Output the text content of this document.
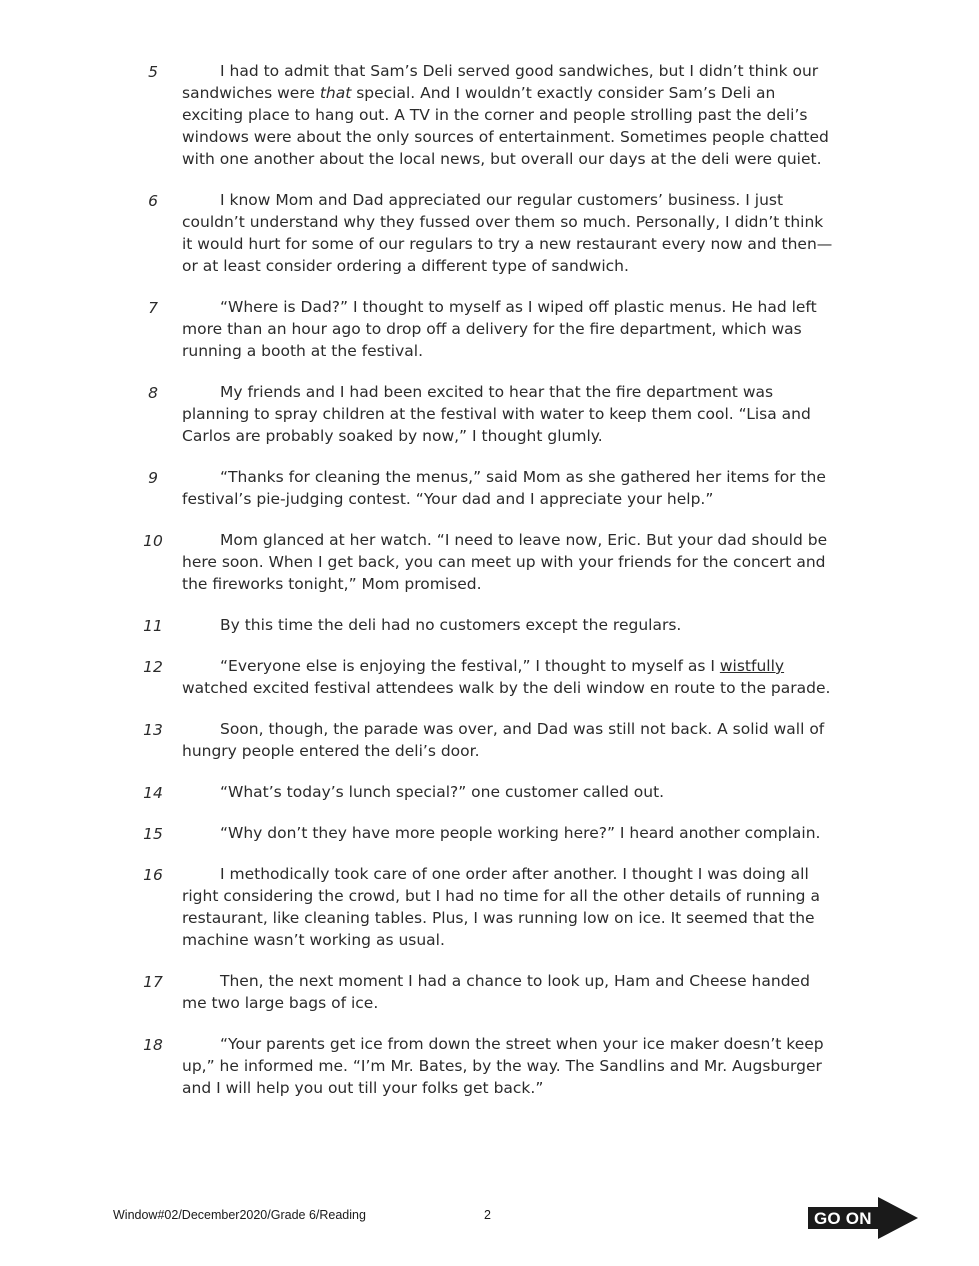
5	I had to admit that Sam’s Deli served good sandwiches, but I didn’t think our sandwiches were that special. And I wouldn’t exactly consider Sam’s Deli an exciting place to hang out. A TV in the corner and people strolling past the deli’s windows were about the only sources of entertainment. Sometimes people chatted with one another about the local news, but overall our days at the deli were quiet.
6	I know Mom and Dad appreciated our regular customers’ business. I just couldn’t understand why they fussed over them so much. Personally, I didn’t think it would hurt for some of our regulars to try a new restaurant every now and then—or at least consider ordering a different type of sandwich.
7	“Where is Dad?” I thought to myself as I wiped off plastic menus. He had left more than an hour ago to drop off a delivery for the fire department, which was running a booth at the festival.
8	My friends and I had been excited to hear that the fire department was planning to spray children at the festival with water to keep them cool. “Lisa and Carlos are probably soaked by now,” I thought glumly.
9	“Thanks for cleaning the menus,” said Mom as she gathered her items for the festival’s pie-judging contest. “Your dad and I appreciate your help.”
10	Mom glanced at her watch. “I need to leave now, Eric. But your dad should be here soon. When I get back, you can meet up with your friends for the concert and the fireworks tonight,” Mom promised.
11	By this time the deli had no customers except the regulars.
12	“Everyone else is enjoying the festival,” I thought to myself as I wistfully watched excited festival attendees walk by the deli window en route to the parade.
13	Soon, though, the parade was over, and Dad was still not back. A solid wall of hungry people entered the deli’s door.
14	“What’s today’s lunch special?” one customer called out.
15	“Why don’t they have more people working here?” I heard another complain.
16	I methodically took care of one order after another. I thought I was doing all right considering the crowd, but I had no time for all the other details of running a restaurant, like cleaning tables. Plus, I was running low on ice. It seemed that the machine wasn’t working as usual.
17	Then, the next moment I had a chance to look up, Ham and Cheese handed me two large bags of ice.
18	“Your parents get ice from down the street when your ice maker doesn’t keep up,” he informed me. “I’m Mr. Bates, by the way. The Sandlins and Mr. Augsburger and I will help you out till your folks get back.”
Window#02/December2020/Grade 6/Reading	2	GO ON
